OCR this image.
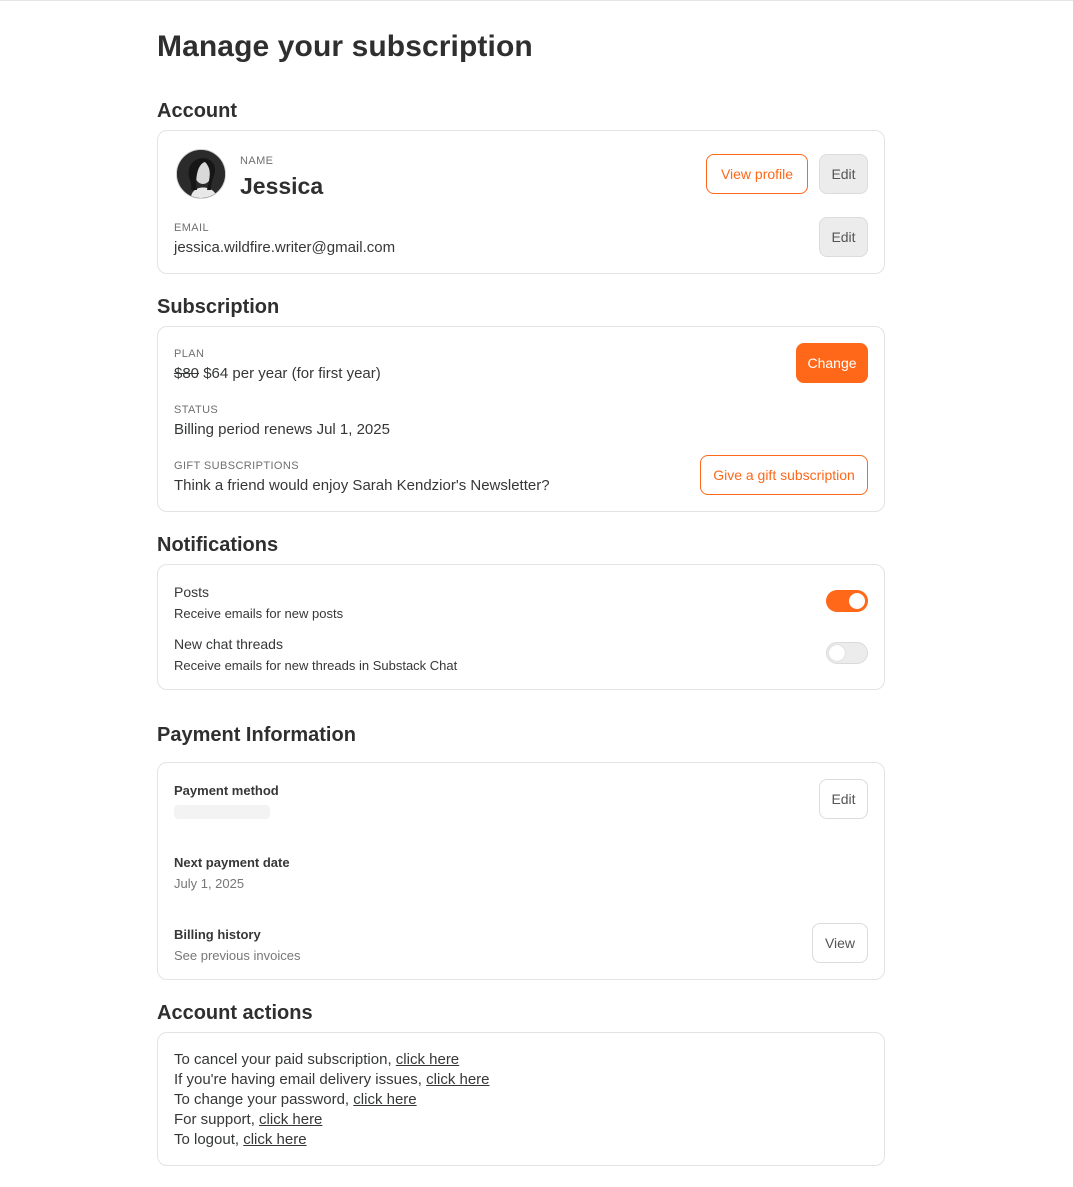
Manage your subscription
Account
NAME
Jessica	View profile	Edit
EMAIL
jessica.wildfire.writer@gmail.com
Edit
Subscription
PLAN
$80 $64 per year (for first year)
Change
STATUS
Billing period renews Jul 1, 2025
GIFT SUBSCRIPTIONS
Think a friend would enjoy Sarah Kendzior's Newsletter?
Give a gift subscription
Notifications
Posts
Receive emails for new posts
New chat threads
Receive emails for new threads in Substack Chat
Payment Information
Payment method
Edit
Next payment date
July 1, 2025
Billing history
See previous invoices
View
Account actions
To cancel your paid subscription, click here
If you're having email delivery issues, click here
To change your password, click here
For support, click here
To logout, click here
